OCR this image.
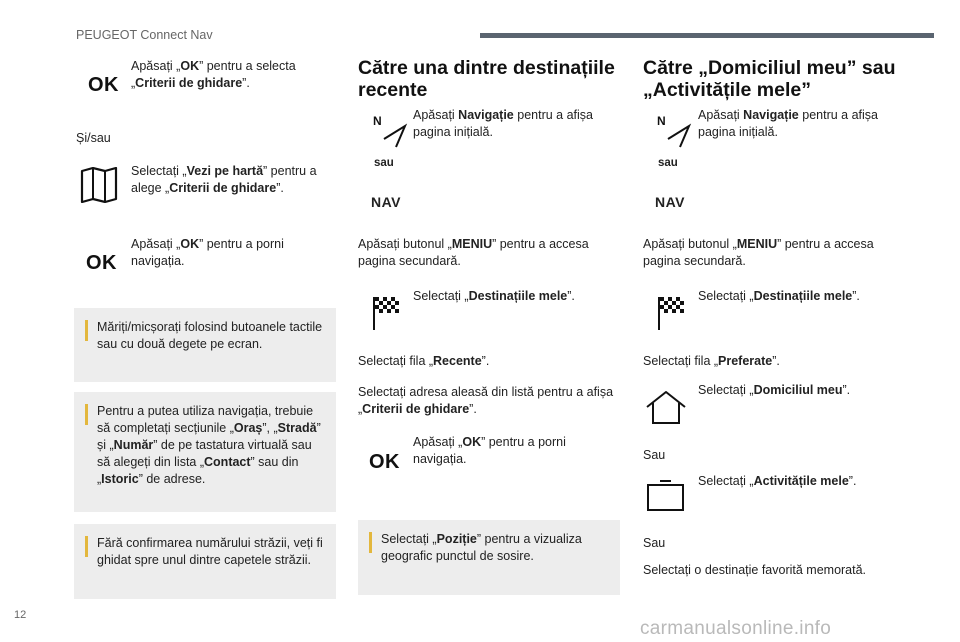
PEUGEOT Connect Nav
OK
Apăsați „OK” pentru a selecta „Criterii de ghidare”.
Și/sau
Selectați „Vezi pe hartă” pentru a alege „Criterii de ghidare”.
OK
Apăsați „OK” pentru a porni navigația.
Măriți/micșorați folosind butoanele tactile sau cu două degete pe ecran.
Pentru a putea utiliza navigația, trebuie să completați secțiunile „Oraș”, „Stradă” și „Număr” de pe tastatura virtuală sau să alegeți din lista „Contact” sau din „Istoric” de adrese.
Fără confirmarea numărului străzii, veți fi ghidat spre unul dintre capetele străzii.
Către una dintre destinațiile recente
N
sau
NAV
Apăsați Navigație pentru a afișa pagina inițială.
Apăsați butonul „MENIU” pentru a accesa pagina secundară.
Selectați „Destinațiile mele”.
Selectați fila „Recente”.
Selectați adresa aleasă din listă pentru a afișa „Criterii de ghidare”.
OK
Apăsați „OK” pentru a porni navigația.
Selectați „Poziție” pentru a vizualiza geografic punctul de sosire.
Către „Domiciliul meu” sau „Activitățile mele”
N
sau
NAV
Apăsați Navigație pentru a afișa pagina inițială.
Apăsați butonul „MENIU” pentru a accesa pagina secundară.
Selectați „Destinațiile mele”.
Selectați fila „Preferate”.
Selectați „Domiciliul meu”.
Sau
Selectați „Activitățile mele”.
Sau
Selectați o destinație favorită memorată.
12
carmanualsonline.info
